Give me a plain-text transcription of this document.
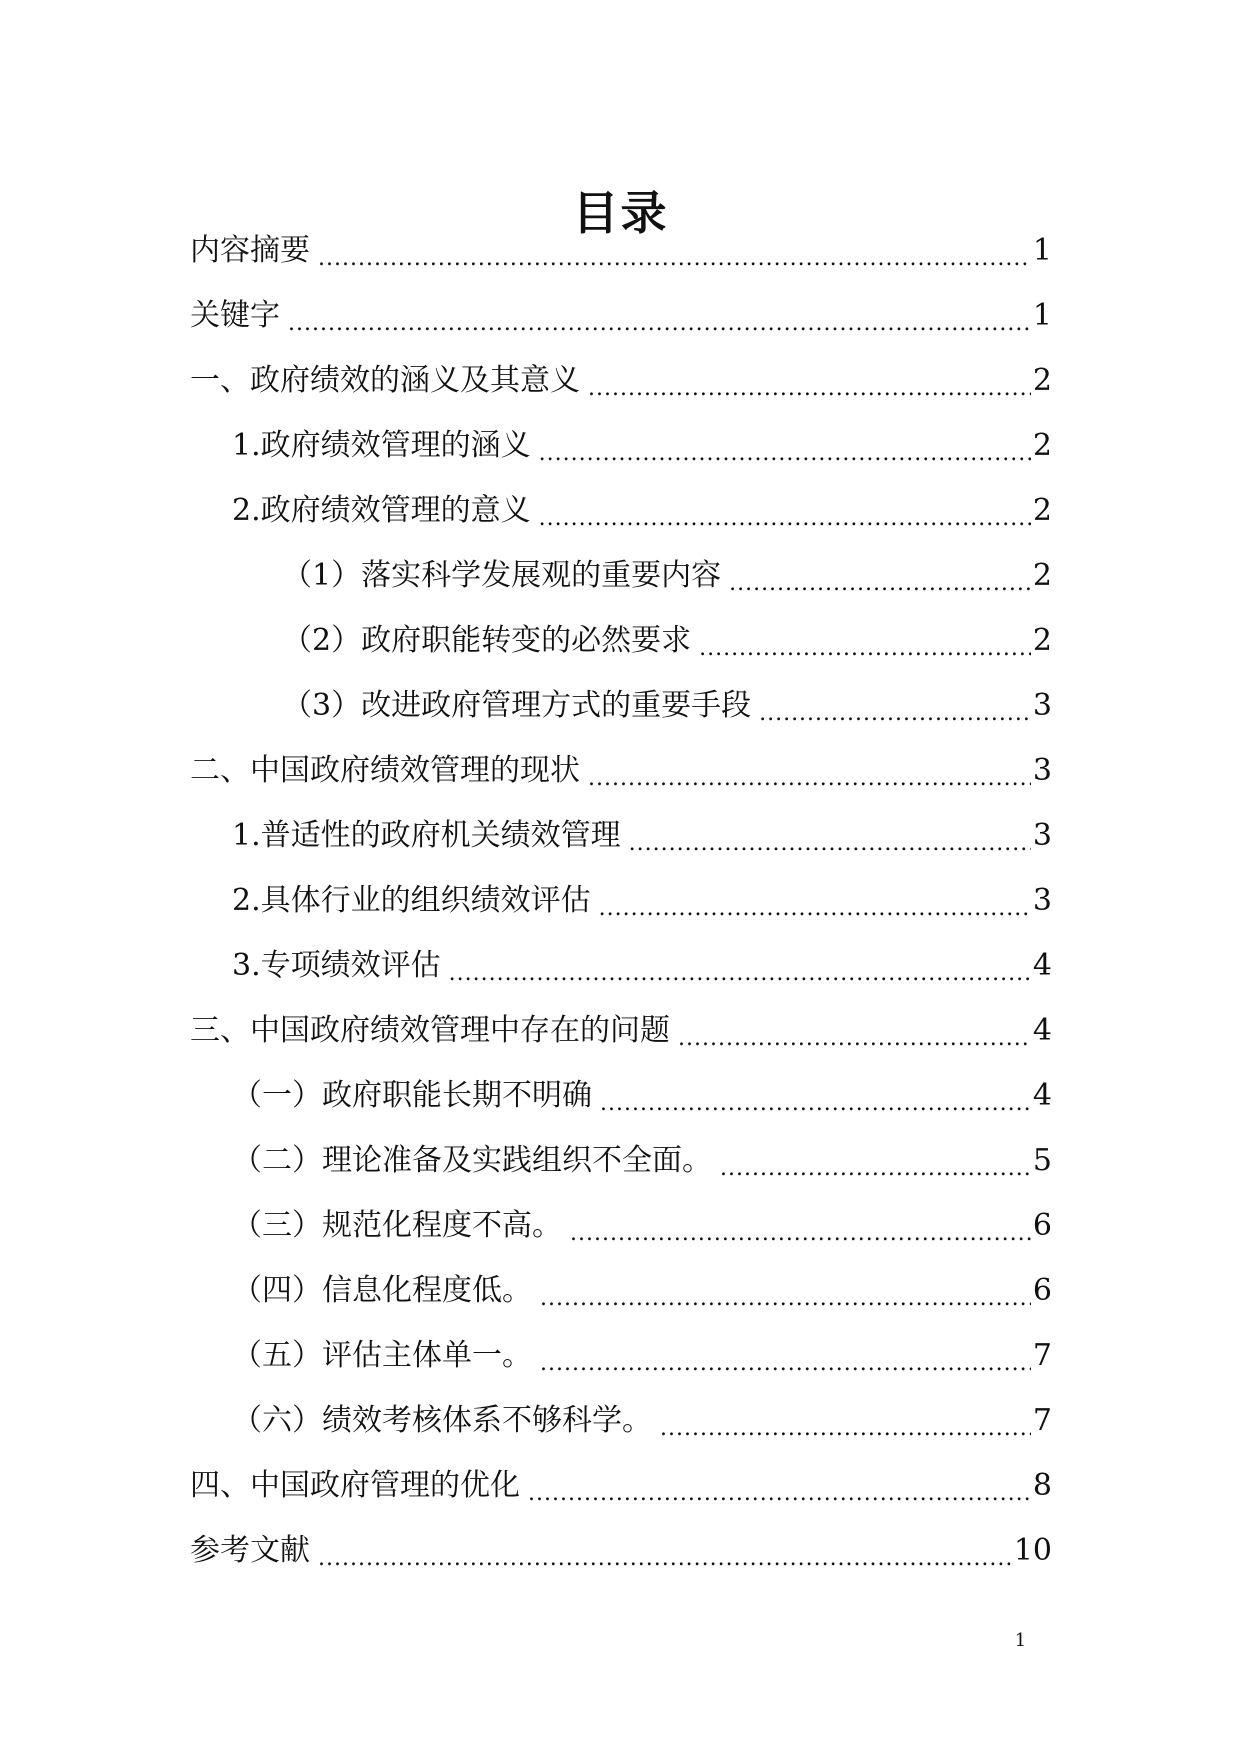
目录
内容摘要 .....	1
关键字 .....	1
一、政府绩效的涵义及其意义 .....	2
1.政府绩效管理的涵义 .....	2
2.政府绩效管理的意义 .....	2
（1）落实科学发展观的重要内容 .....	2
（2）政府职能转变的必然要求 .....	2
（3）改进政府管理方式的重要手段 .....	3
二、中国政府绩效管理的现状 .....	3
1.普适性的政府机关绩效管理 .....	3
2.具体行业的组织绩效评估 .....	3
3.专项绩效评估 .....	4
三、中国政府绩效管理中存在的问题 .....	4
（一）政府职能长期不明确 .....	4
（二）理论准备及实践组织不全面。 .....	5
（三）规范化程度不高。 .....	6
（四）信息化程度低。 .....	6
（五）评估主体单一。 .....	7
（六）绩效考核体系不够科学。 .....	7
四、中国政府管理的优化 .....	8
参考文献 .....	10
1
